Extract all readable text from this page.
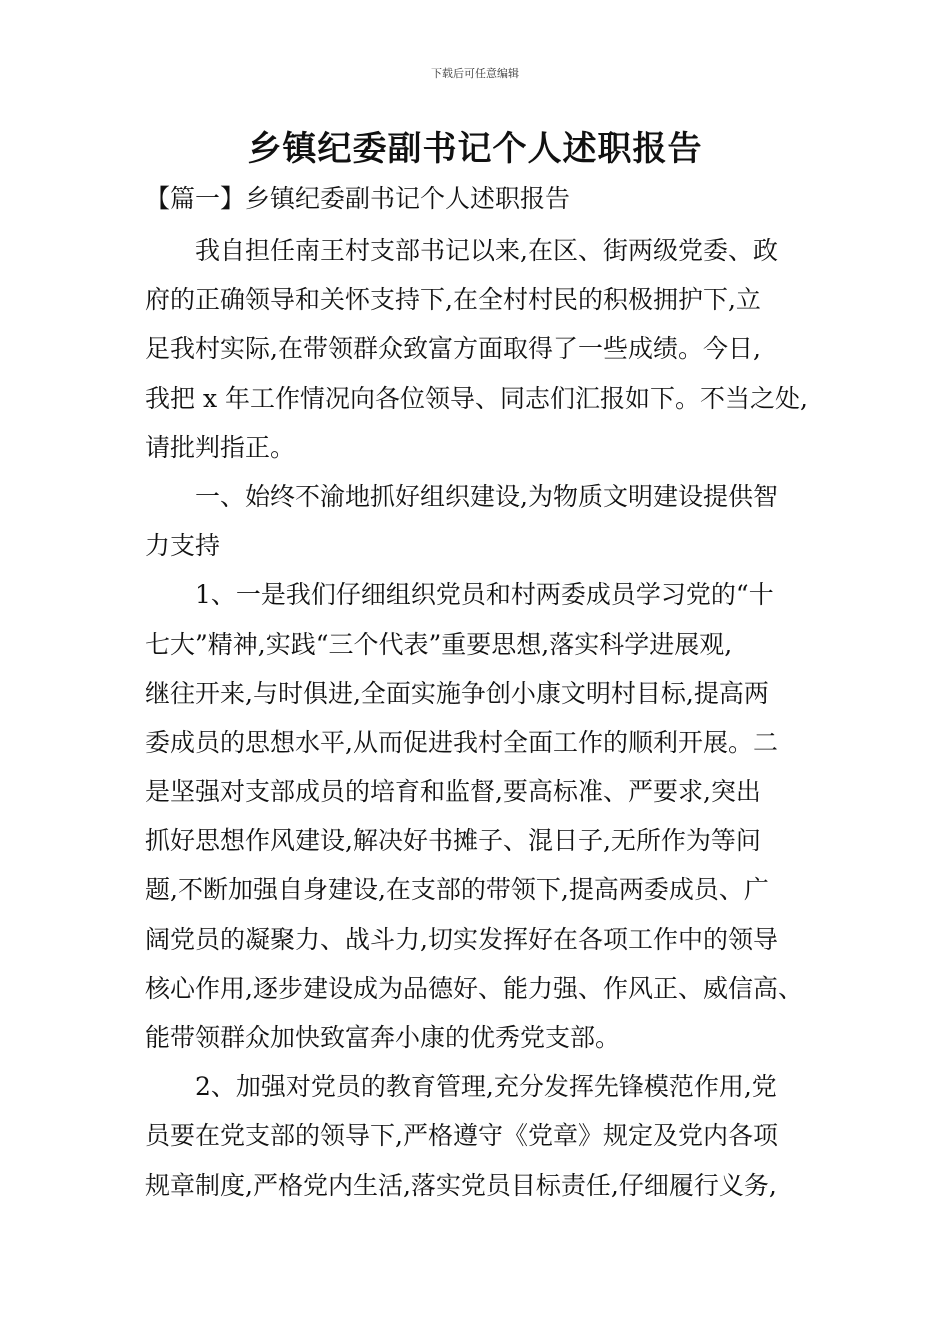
下载后可任意编辑
乡镇纪委副书记个人述职报告
【篇一】乡镇纪委副书记个人述职报告
我自担任南王村支部书记以来,在区、街两级党委、政
府的正确领导和关怀支持下,在全村村民的积极拥护下,立
足我村实际,在带领群众致富方面取得了一些成绩。今日,
我把 x 年工作情况向各位领导、同志们汇报如下。不当之处,
请批判指正。
一、始终不渝地抓好组织建设,为物质文明建设提供智
力支持
1、一是我们仔细组织党员和村两委成员学习党的“十
七大”精神,实践“三个代表”重要思想,落实科学进展观,
继往开来,与时俱进,全面实施争创小康文明村目标,提高两
委成员的思想水平,从而促进我村全面工作的顺利开展。二
是坚强对支部成员的培育和监督,要高标准、严要求,突出
抓好思想作风建设,解决好书摊子、混日子,无所作为等问
题,不断加强自身建设,在支部的带领下,提高两委成员、广
阔党员的凝聚力、战斗力,切实发挥好在各项工作中的领导
核心作用,逐步建设成为品德好、能力强、作风正、威信高、
能带领群众加快致富奔小康的优秀党支部。
2、加强对党员的教育管理,充分发挥先锋模范作用,党
员要在党支部的领导下,严格遵守《党章》规定及党内各项
规章制度,严格党内生活,落实党员目标责任,仔细履行义务,
